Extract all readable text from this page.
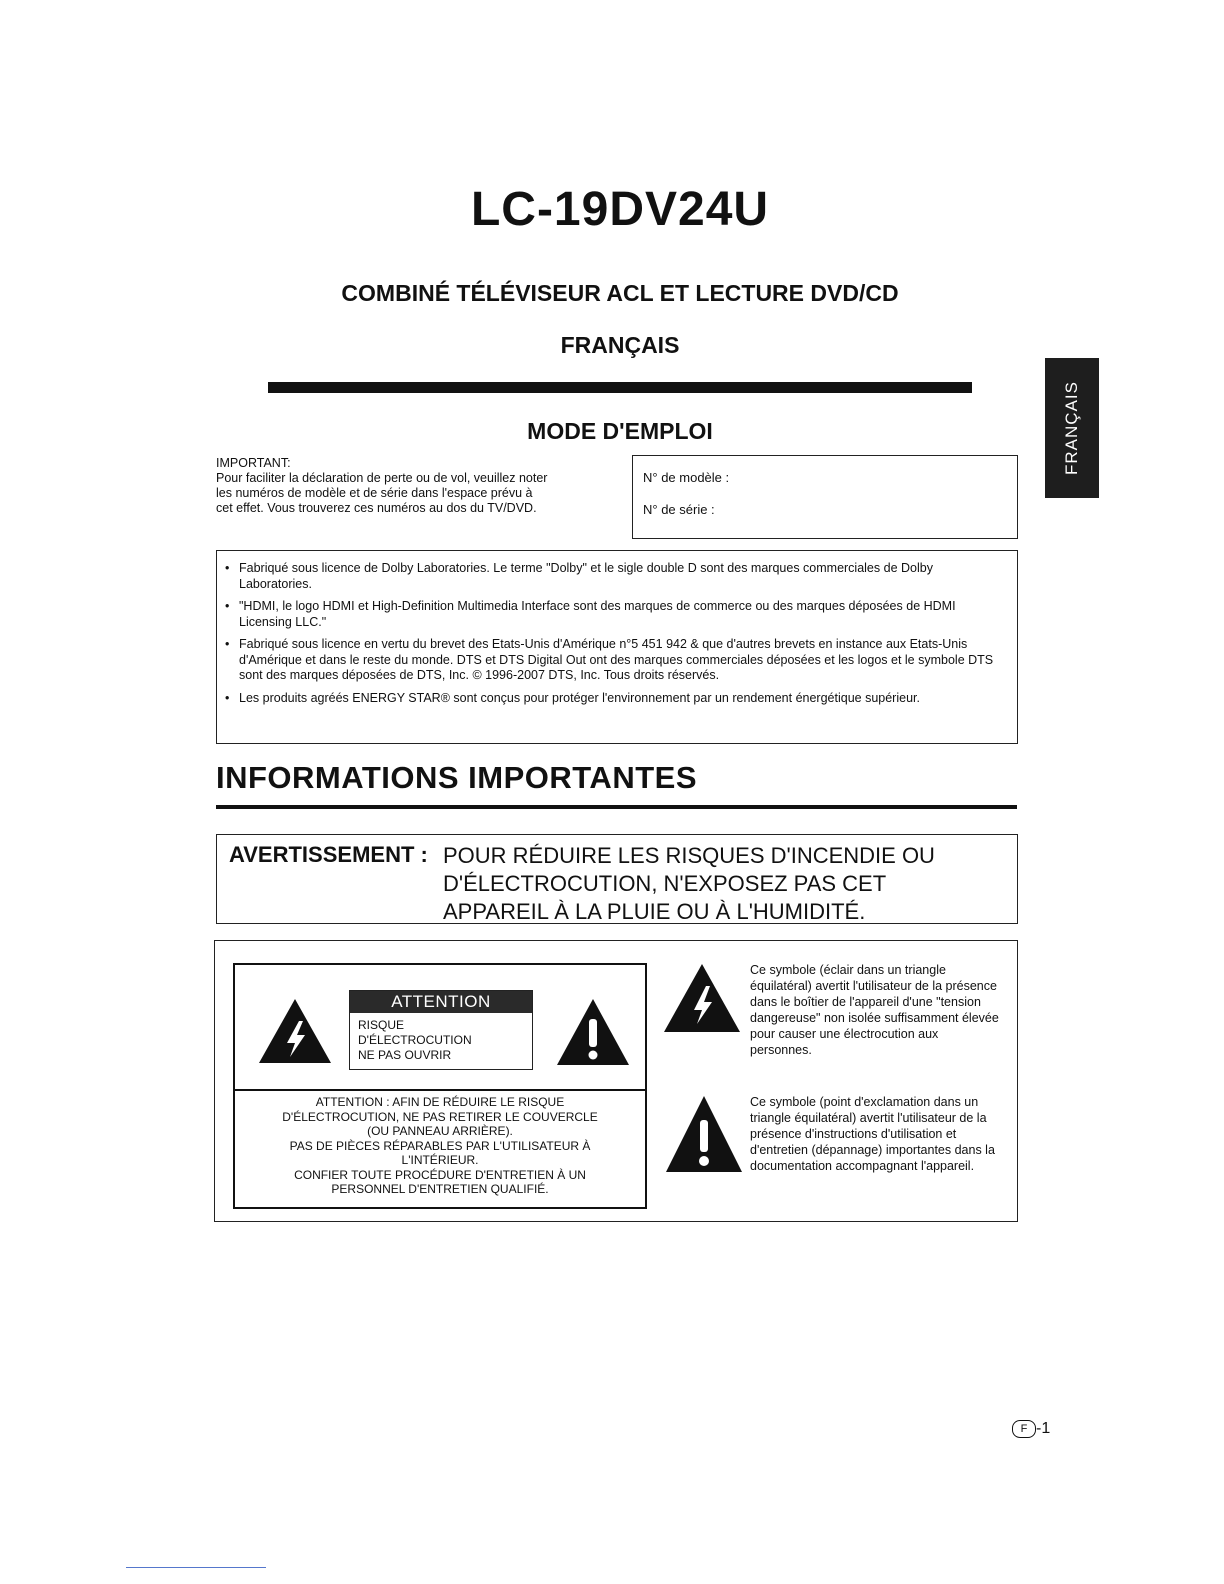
LC-19DV24U
COMBINÉ TÉLÉVISEUR ACL ET LECTURE DVD/CD
FRANÇAIS
MODE D'EMPLOI	FRANÇAIS
IMPORTANT:
Pour faciliter la déclaration de perte ou de vol, veuillez noter
les numéros de modèle et de série dans l'espace prévu à
cet effet. Vous trouverez ces numéros au dos du TV/DVD.
N° de modèle :
N° de série :
• Fabriqué sous licence de Dolby Laboratories. Le terme "Dolby" et le sigle double D sont des marques commerciales de Dolby Laboratories.
• "HDMI, le logo HDMI et High-Definition Multimedia Interface sont des marques de commerce ou des marques déposées de HDMI Licensing LLC."
• Fabriqué sous licence en vertu du brevet des Etats-Unis d'Amérique n°5 451 942 & que d'autres brevets en instance aux Etats-Unis d'Amérique et dans le reste du monde. DTS et DTS Digital Out ont des marques commerciales déposées et les logos et le symbole DTS sont des marques déposées de DTS, Inc. © 1996-2007 DTS, Inc. Tous droits réservés.
• Les produits agréés ENERGY STAR® sont conçus pour protéger l'environnement par un rendement énergétique supérieur.
INFORMATIONS IMPORTANTES
AVERTISSEMENT : POUR RÉDUIRE LES RISQUES D'INCENDIE OU
D'ÉLECTROCUTION, N'EXPOSEZ PAS CET
APPAREIL À LA PLUIE OU À L'HUMIDITÉ.
ATTENTION
RISQUE
D'ÉLECTROCUTION
NE PAS OUVRIR
ATTENTION : AFIN DE RÉDUIRE LE RISQUE
D'ÉLECTROCUTION, NE PAS RETIRER LE COUVERCLE
(OU PANNEAU ARRIÈRE).
PAS DE PIÈCES RÉPARABLES PAR L'UTILISATEUR À
L'INTÉRIEUR.
CONFIER TOUTE PROCÉDURE D'ENTRETIEN À UN
PERSONNEL D'ENTRETIEN QUALIFIÉ.
Ce symbole (éclair dans un triangle équilatéral) avertit l'utilisateur de la présence dans le boîtier de l'appareil d'une "tension dangereuse" non isolée suffisamment élevée pour causer une électrocution aux personnes.
Ce symbole (point d'exclamation dans un triangle équilatéral) avertit l'utilisateur de la présence d'instructions d'utilisation et d'entretien (dépannage) importantes dans la documentation accompagnant l'appareil.
F -1
